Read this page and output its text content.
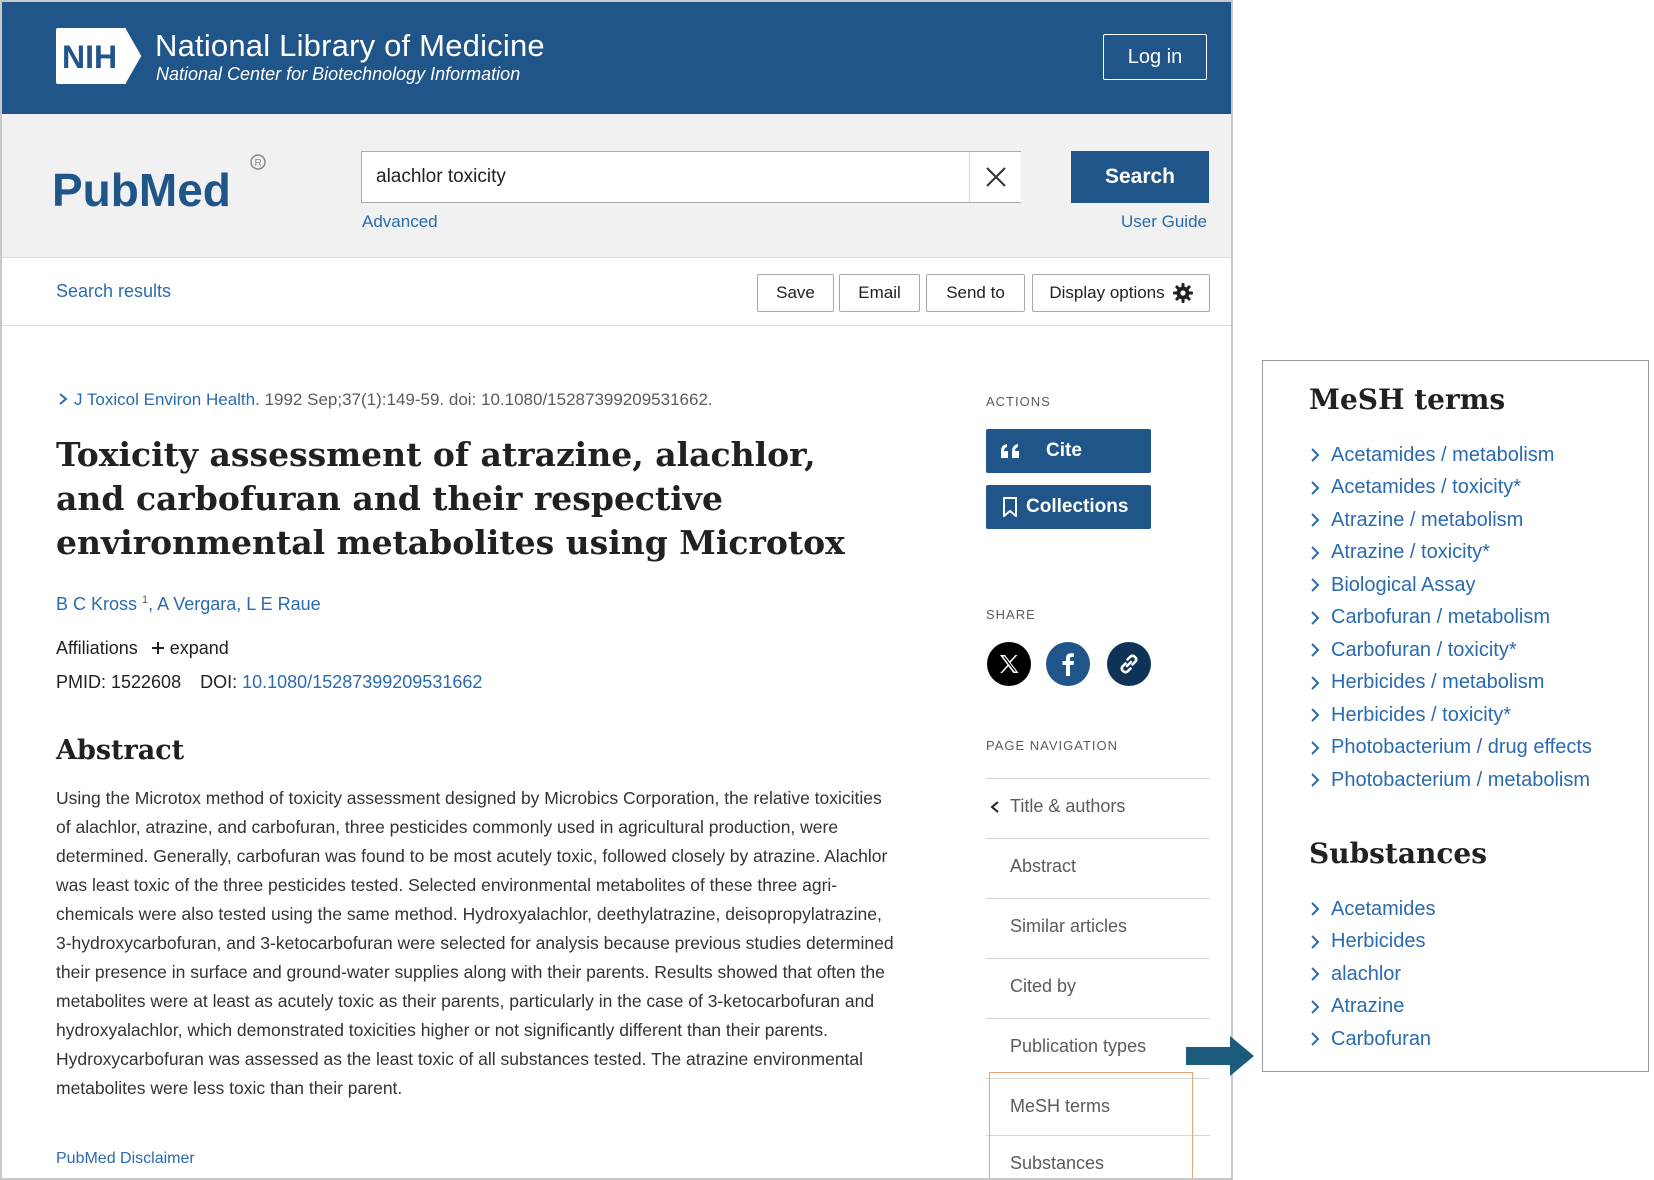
NIH National Library of Medicine
National Center for Biotechnology Information
Log in
PubMed
R
alachlor toxicity
Search
Advanced	User Guide
Search results	Save	Email	Send to	Display options
J Toxicol Environ Health. 1992 Sep;37(1):149-59. doi: 10.1080/15287399209531662.
Toxicity assessment of atrazine, alachlor, and carbofuran and their respective environmental metabolites using Microtox
B C Kross $^1$, A Vergara, L E Raue
Affiliations expand
PMID: 1522608 DOI: 10.1080/15287399209531662
Abstract

Using the Microtox method of toxicity assessment designed by Microbics Corporation, the relative toxicities of alachlor, atrazine, and carbofuran, three pesticides commonly used in agricultural production, were determined. Generally, carbofuran was found to be most acutely toxic, followed closely by atrazine. Alachlor was least toxic of the three pesticides tested. Selected environmental metabolites of these three agri-chemicals were also tested using the same method. Hydroxyalachlor, deethylatrazine, deisopropylatrazine, 3-hydroxycarbofuran, and 3-ketocarbofuran were selected for analysis because previous studies determined their presence in surface and ground-water supplies along with their parents. Results showed that often the metabolites were at least as acutely toxic as their parents, particularly in the case of 3-ketocarbofuran and hydroxyalachlor, which demonstrated toxicities higher or not significantly different than their parents. Hydroxycarbofuran was assessed as the least toxic of all substances tested. The atrazine environmental metabolites were less toxic than their parent.

PubMed Disclaimer
ACTIONS
Cite
Collections
SHARE
PAGE NAVIGATION
Title & authors
Abstract
Similar articles
Cited by
Publication types
MeSH terms
Substances
MeSH terms
Acetamides / metabolism
Acetamides / toxicity*
Atrazine / metabolism
Atrazine / toxicity*
Biological Assay
Carbofuran / metabolism
Carbofuran / toxicity*
Herbicides / metabolism
Herbicides / toxicity*
Photobacterium / drug effects
Photobacterium / metabolism
Substances
Acetamides
Herbicides
alachlor
Atrazine
Carbofuran
